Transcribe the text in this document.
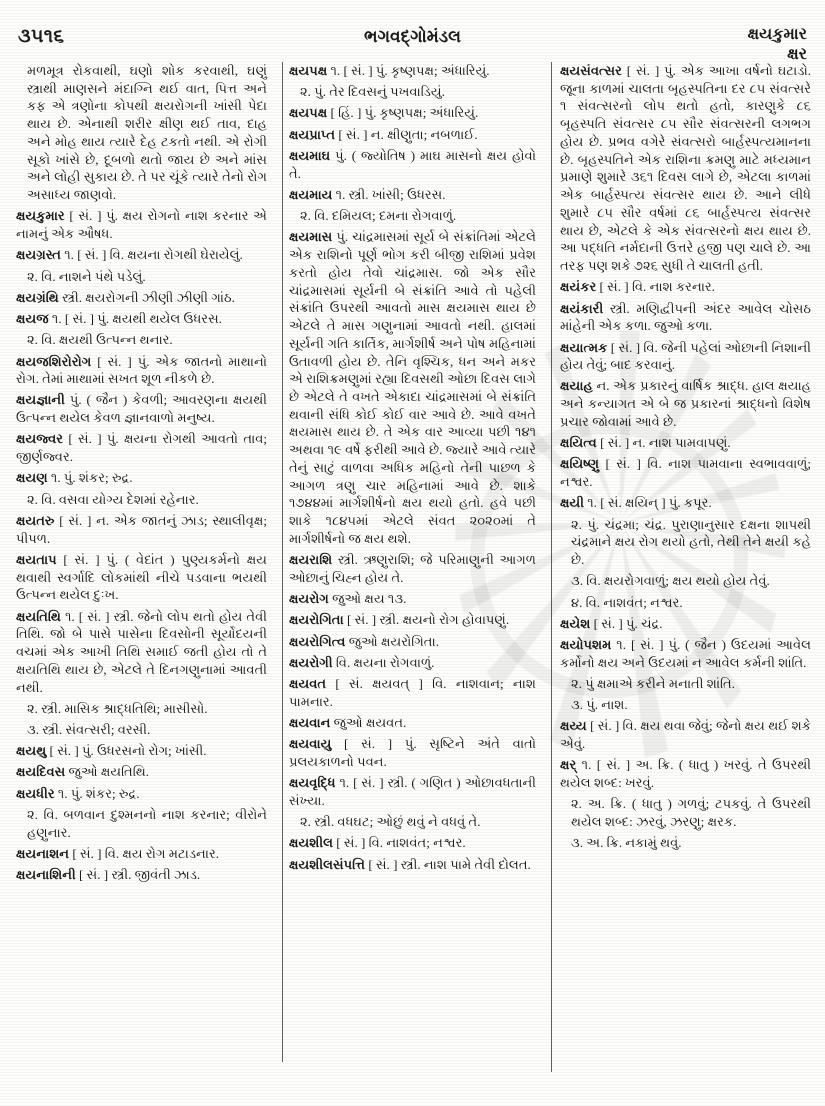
૩૫૧૬	ભગવદ્ગોમંડલ	ક્ષયકુમાર
ક્ષર

મળમૂત્ર રોકવાથી, ઘણો શોક કરવાથી, ઘણું સ્ત્રાથી માણસને મંદાગ્નિ થઈ વાત, પિત્ત અને કફ એ ત્રણોના કોપથી ક્ષયરોગની ખાંસી પેદા થાય છે. એનાથી શરીર ક્ષીણ થઈ તાવ, દાહ અને મોહ થાય ત્યારે દેહ ટકતો નથી. એ રોગી સૂકો ખાંસે છે, દૂબળો થતો જાય છે અને માંસ અને લોહી સુકાય છે. તે પર ચૂંકે ત્યારે તેનો રોગ અસાધ્ય જાણવો.

ક્ષયકુમાર [ સં. ] પું. ક્ષય રોગનો નાશ કરનાર એ નામનું એક ઔષધ.

ક્ષયગ્રસ્ત ૧. [ સં. ] વિ. ક્ષયના રોગથી ઘેરાયેલું.

૨. વિ. નાશને પંથે પડેલું.

ક્ષયગ્રંથિ સ્ત્રી. ક્ષયરોગની ઝીણી ઝીણી ગાંઠ.

ક્ષયજ ૧. [ સં. ] પું. ક્ષયથી થયેલ ઉધરસ.

૨. વિ. ક્ષયથી ઉત્પન્ન થનાર.

ક્ષયજશિરોરોગ [ સં. ] પું. એક જાતનો માથાનો રોગ. તેમાં માથામાં સખત શૂળ નીકળે છે.

ક્ષયજ્ઞાની પું. ( જૈન ) કેવળી; આવરણના ક્ષયથી ઉત્પન્ન થયેલ કેવળ જ્ઞાનવાળો મનુષ્ય.

ક્ષયજ્વર [ સં. ] પું. ક્ષયના રોગથી આવતો તાવ; જીર્ણજ્વર.

ક્ષયણ ૧. પું. શંકર; રુદ્ર.

૨. વિ. વસવા યોગ્ય દેશમાં રહેનાર.

ક્ષયતરુ [ સં. ] ન. એક જાતનું ઝાડ; સ્થાલીવૃક્ષ; પીપળ.

ક્ષયતાપ [ સં. ] પું. ( વેદાંત ) પુણ્યકર્મનો ક્ષય થવાથી સ્વર્ગાદિ લોકમાંથી નીચે પડવાના ભયથી ઉત્પન્ન થયેલ દુઃખ.

ક્ષયતિથિ ૧. [ સં. ] સ્ત્રી. જેનો લોપ થતો હોય તેવી તિથિ. જો બે પાસે પાસેના દિવસોની સૂર્યોદયની વચમાં એક આખી તિથિ સમાઈ જતી હોય તો તે ક્ષયતિથિ થાય છે, એટલે તે દિનગણુનામાં આવતી નથી.

૨. સ્ત્રી. માસિક શ્રાદ્ધતિથિ; માસીસો.

૩. સ્ત્રી. સંવત્સરી; વરસી.

ક્ષયથુ [ સં. ] પું. ઉધરસનો રોગ; ખાંસી.

ક્ષયદિવસ જુઓ ક્ષયતિથિ.

ક્ષયધીર ૧. પું. શંકર; રુદ્ર.

૨. વિ. બળવાન દુશ્મનનો નાશ કરનાર; વીરોને હણુનાર.

ક્ષયનાશન [ સં. ] વિ. ક્ષય રોગ મટાડનાર.

ક્ષયનાશિની [ સં. ] સ્ત્રી. જીવંતી ઝાડ.

ક્ષયપક્ષ ૧. [ સં. ] પું. કૃષ્ણપક્ષ; અંધારિયું.

૨. પું. તેર દિવસનું પખવાડિયું.

ક્ષયપક્ષ [ હિં. ] પું. કૃષ્ણપક્ષ; અંધારિયું.

ક્ષયપ્રાપ્ત [ સં. ] ન. ક્ષીણુતા; નબળાઈ.

ક્ષયમાઘ પું. ( જ્યોતિષ ) માઘ માસનો ક્ષય હોવો તે.

ક્ષયમાય ૧. સ્ત્રી. ખાંસી; ઉધરસ.

૨. વિ. દમિયલ; દમના રોગવાળું.

ક્ષયમાસ પું. ચાંદ્રમાસમાં સૂર્ય બે સંક્રાંતિમાં એટલે એક રાશિનો પૂર્ણ ભોગ કરી બીજી રાશિમાં પ્રવેશ કરતો હોય તેવો ચાંદ્રમાસ. જો એક સૌર ચાંદ્રમાસમાં સૂર્યની બે સંક્રાંતિ આવે તો પહેલી સંક્રાંતિ ઉપરથી આવતો માસ ક્ષયમાસ થાય છે એટલે તે માસ ગણુનામાં આવતો નથી. હાલમાં સૂર્યની ગતિ કાર્તિક, માર્ગશીર્ષ અને પોષ મહિનામાં ઉતાવળી હોય છે. તેનિ વૃશ્ચિક, ધન અને મકર એ રાશિક્રમણુમાં રહ્યા દિવસથી ઓછા દિવસ લાગે છે એટલે તે વખતે એકાદા ચાંદ્રમાસમાં બે સંક્રાંતિ થવાની સંધિ કોઈ કોઈ વાર આવે છે. આવે વખતે ક્ષયમાસ થાય છે. તે એક વાર આવ્યા પછી ૧૪૧ અથવા ૧૯ વર્ષે ફરીથી આવે છે. જ્યારે આવે ત્યારે તેનું સાટું વાળવા અધિક મહિનો તેની પાછળ કે આગળ ત્રણુ ચાર મહિનામાં આવે છે. શાકે ૧૭૪૪માં માર્ગશીર્ષનો ક્ષય થયો હતો. હવે પછી શાકે ૧૮૪૫માં એટલે સંવત ૨૦૨૦માં તે માર્ગશીર્ષનો જ ક્ષય થશે.

ક્ષયરાશિ સ્ત્રી. ઋણુરાશિ; જે પરિમાણુની આગળ ઓછાનું ચિહ્ન હોય તે.

ક્ષયરોગ જુઓ ક્ષય ૧૩.

ક્ષયરોગિતા [ સં. ] સ્ત્રી. ક્ષયનો રોગ હોવાપણું.

ક્ષયરોગિત્વ જુઓ ક્ષયરોગિતા.

ક્ષયરોગી વિ. ક્ષયના રોગવાળું.

ક્ષયવત [ સં. ક્ષયવત્ ] વિ. નાશવાન; નાશ પામનાર.

ક્ષયવાન જુઓ ક્ષયવત.

ક્ષયવાયુ [ સં. ] પું. સૃષ્ટિને અંતે વાતો પ્રલયકાળનો પવન.

ક્ષયવૃદ્ધિ ૧. [ સં. ] સ્ત્રી. ( ગણિત ) ઓછાવધતાની સંખ્યા.

૨. સ્ત્રી. વધઘટ; ઓછું થવું ને વધવું તે.

ક્ષયશીલ [ સં. ] વિ. નાશવંત; નશ્વર.

ક્ષયશીલસંપત્તિ [ સં. ] સ્ત્રી. નાશ પામે તેવી દોલત.

ક્ષયસંવત્સર [ સં. ] પું. એક આખા વર્ષનો ઘટાડો. જૂના કાળમાં ચાલતા બૃહસ્પતિના દર ૮૫ સંવત્સરે ૧ સંવત્સરનો લોપ થતો હતો, કારણુકે ૮૬ બૃહસ્પતિ સંવત્સર ૮૫ સૌર સંવત્સરની લગભગ હોય છે. પ્રભવ વગેરે સંવત્સરો બાર્હસ્પત્યમાનના છે. બૃહસ્પતિને એક રાશિના ક્રમણુ માટે મધ્યમાન પ્રમાણે શુમારે ૩૬૧ દિવસ લાગે છે, એટલા કાળમાં એક બાર્હસ્પત્ય સંવત્સર થાય છે. આને લીધે શુમારે ૮૫ સૌર વર્ષમાં ૮૬ બાર્હસ્પત્ય સંવત્સર થાય છે, એટલે કે એક સંવત્સરનો ક્ષય થાય છે. આ પદ્ધતિ નર્મદાની ઉત્તરે હજી પણ ચાલે છે. આ તરફ પણ શકે ૭૨૬ સુધી તે ચાલતી હતી.

ક્ષયંકર [ સં. ] વિ. નાશ કરનાર.

ક્ષયંકારી સ્ત્રી. મણિદ્વીપની અંદર આવેલ ચોસઠ માંહેની એક કળા. જુઓ કળા.

ક્ષયાત્મક [ સં. ] વિ. જેની પહેલાં ઓછાની નિશાની હોય તેવું; બાદ કરવાનું.

ક્ષયાહ ન. એક પ્રકારનું વાર્ષિક શ્રાદ્ધ. હાલ ક્ષયાહ અને કન્યાગત એ બે જ પ્રકારનાં શ્રાદ્ધનો વિશેષ પ્રચાર જોવામાં આવે છે.

ક્ષયિત્વ [ સં. ] ન. નાશ પામવાપણું.

ક્ષયિષ્ણુ [ સં. ] વિ. નાશ પામવાના સ્વભાવવાળું; નશ્વર.

ક્ષયી ૧. [ સં. ક્ષયિન્ ] પું. કપૂર.

૨. પું. ચંદ્રમા; ચંદ્ર. પુરાણાનુસાર દક્ષના શાપથી ચંદ્રમાને ક્ષય રોગ થયો હતો, તેથી તેને ક્ષયી કહે છે.

૩. વિ. ક્ષયરોગવાળું; ક્ષય થયો હોય તેવું.

૪. વિ. નાશવંત; નશ્વર.

ક્ષયેશ [ સં. ] પું. ચંદ્ર.

ક્ષયોપશમ ૧. [ સં. ] પું. ( જૈન ) ઉદયમાં આવેલ કર્મોનો ક્ષય અને ઉદયમાં ન આવેલ કર્મની શાંતિ.

૨. પું ક્ષમાએ કરીને મનાતી શાંતિ.

૩. પું. નાશ.

ક્ષય્ય [ સં. ] વિ. ક્ષય થવા જેવું; જેનો ક્ષય થઈ શકે એવું.

ક્ષર્ ૧. [ સં. ] અ. ક્રિ. ( ધાતુ ) ખરવું. તે ઉપરથી થયેલ શબ્દ: ખરવું.

૨. અ. ક્રિ. ( ધાતુ ) ગળવું; ટપકવું. તે ઉપરથી થયેલ શબ્દ: ઝરવું, ઝરણુ; ક્ષરક.

૩. અ. ક્રિ. નકામું થવું.
